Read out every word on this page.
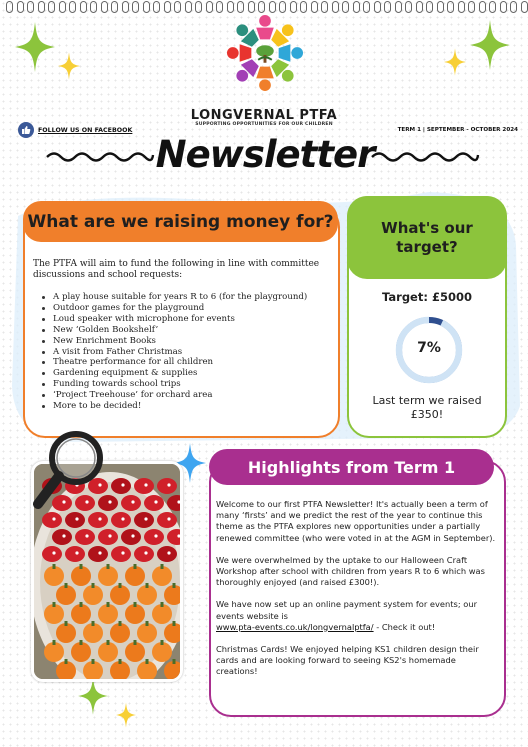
LONGVERNAL PTFA
SUPPORTING OPPORTUNITIES FOR OUR CHILDREN
FOLLOW US ON FACEBOOK	TERM 1 | SEPTEMBER - OCTOBER 2024
Newsletter
What are we raising money for?
The PTFA will aim to fund the following in line with committee discussions and school requests:
A play house suitable for years R to 6 (for the playground)
Outdoor games for the playground
Loud speaker with microphone for events
New ‘Golden Bookshelf’
New Enrichment Books
A visit from Father Christmas
Theatre performance for all children
Gardening equipment & supplies
Funding towards school trips
‘Project Treehouse’ for orchard area
More to be decided!
What's our target?
Target: £5000
7%
Last term we raised £350!
Highlights from Term 1

Welcome to our first PTFA Newsletter! It's actually been a term of many ‘firsts’ and we predict the rest of the year to continue this theme as the PTFA explores new opportunities under a partially renewed committee (who were voted in at the AGM in September).

We were overwhelmed by the uptake to our Halloween Craft Workshop after school with children from years R to 6 which was thoroughly enjoyed (and raised £300!).

We have now set up an online payment system for events; our events website is
www.pta-events.co.uk/longvernalptfa/ - Check it out!

Christmas Cards! We enjoyed helping KS1 children design their cards and are looking forward to seeing KS2's homemade creations!
